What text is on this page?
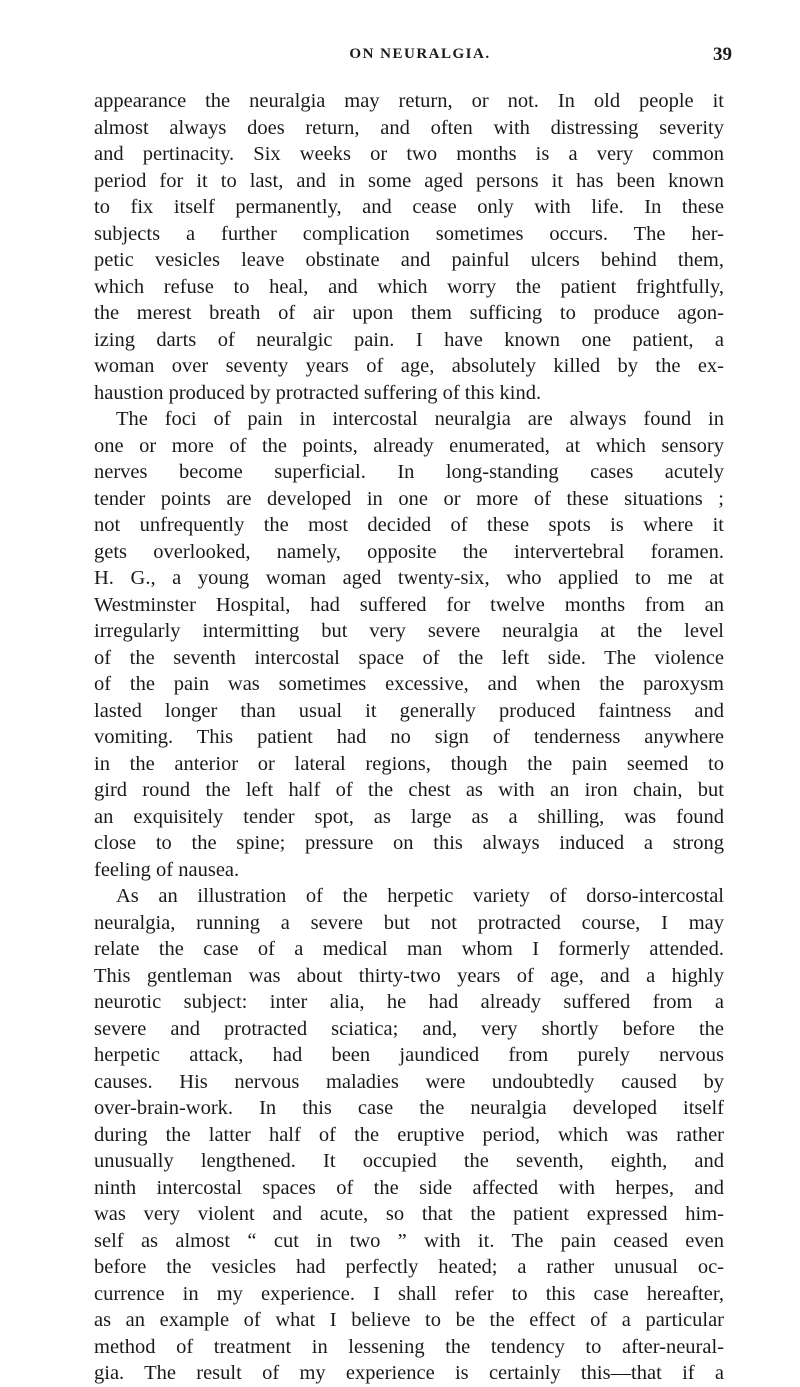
ON NEURALGIA.	39
appearance the neuralgia may return, or not. In old people it
almost always does return, and often with distressing severity
and pertinacity. Six weeks or two months is a very common
period for it to last, and in some aged persons it has been known
to fix itself permanently, and cease only with life. In these
subjects a further complication sometimes occurs. The her-
petic vesicles leave obstinate and painful ulcers behind them,
which refuse to heal, and which worry the patient frightfully,
the merest breath of air upon them sufficing to produce agon-
izing darts of neuralgic pain. I have known one patient, a
woman over seventy years of age, absolutely killed by the ex-
haustion produced by protracted suffering of this kind.
The foci of pain in intercostal neuralgia are always found in
one or more of the points, already enumerated, at which sensory
nerves become superficial. In long-standing cases acutely
tender points are developed in one or more of these situations ;
not unfrequently the most decided of these spots is where it
gets overlooked, namely, opposite the intervertebral foramen.
H. G., a young woman aged twenty-six, who applied to me at
Westminster Hospital, had suffered for twelve months from an
irregularly intermitting but very severe neuralgia at the level
of the seventh intercostal space of the left side. The violence
of the pain was sometimes excessive, and when the paroxysm
lasted longer than usual it generally produced faintness and
vomiting. This patient had no sign of tenderness anywhere
in the anterior or lateral regions, though the pain seemed to
gird round the left half of the chest as with an iron chain, but
an exquisitely tender spot, as large as a shilling, was found
close to the spine; pressure on this always induced a strong
feeling of nausea.
As an illustration of the herpetic variety of dorso-intercostal
neuralgia, running a severe but not protracted course, I may
relate the case of a medical man whom I formerly attended.
This gentleman was about thirty-two years of age, and a highly
neurotic subject: inter alia, he had already suffered from a
severe and protracted sciatica; and, very shortly before the
herpetic attack, had been jaundiced from purely nervous
causes. His nervous maladies were undoubtedly caused by
over-brain-work. In this case the neuralgia developed itself
during the latter half of the eruptive period, which was rather
unusually lengthened. It occupied the seventh, eighth, and
ninth intercostal spaces of the side affected with herpes, and
was very violent and acute, so that the patient expressed him-
self as almost “ cut in two ” with it. The pain ceased even
before the vesicles had perfectly heated; a rather unusual oc-
currence in my experience. I shall refer to this case hereafter,
as an example of what I believe to be the effect of a particular
method of treatment in lessening the tendency to after-neural-
gia. The result of my experience is certainly this—that if a
